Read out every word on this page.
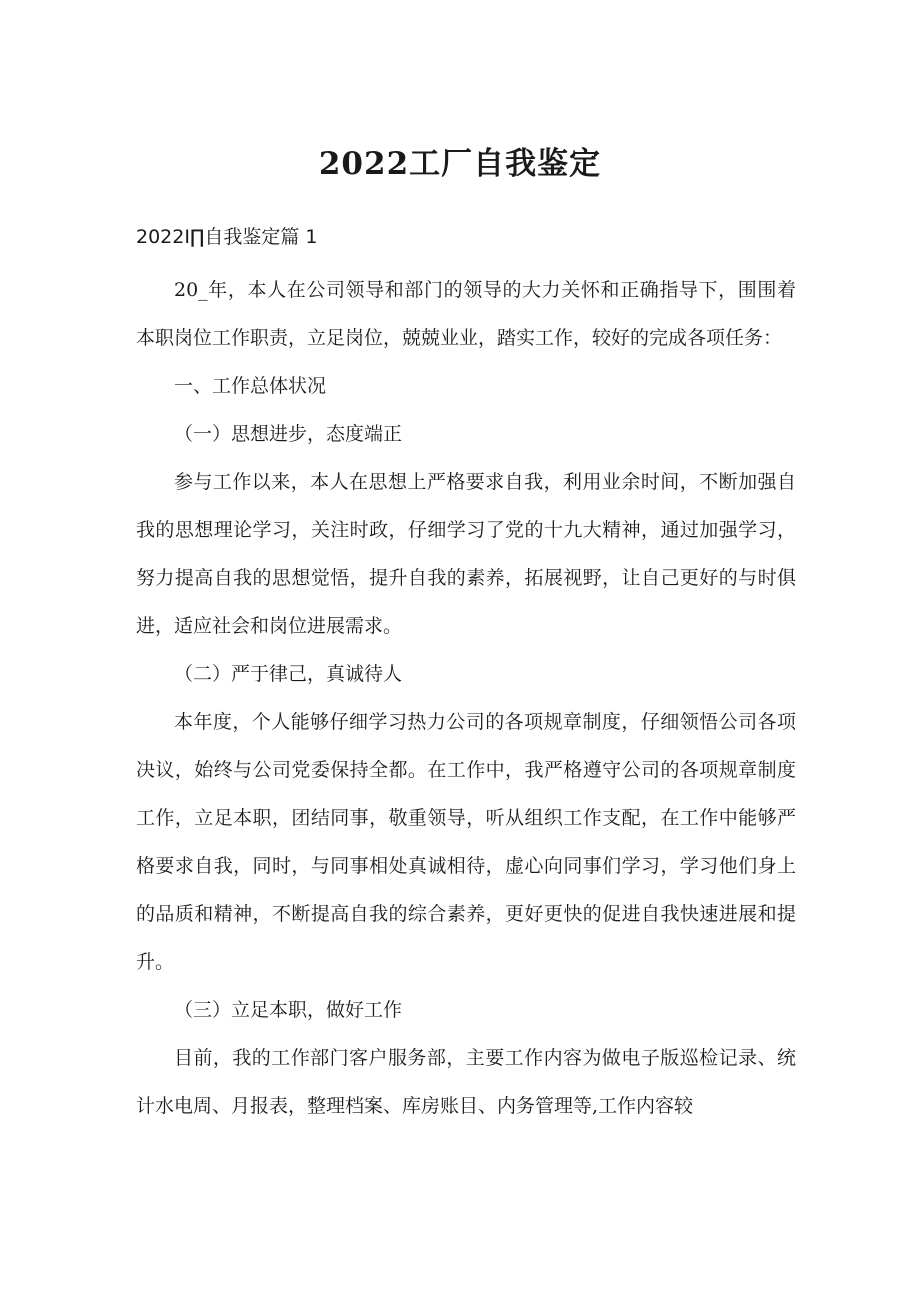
2022工厂自我鉴定
2022I∏自我鉴定篇 1

20_年，本人在公司领导和部门的领导的大力关怀和正确指导下，围围着本职岗位工作职责，立足岗位，兢兢业业，踏实工作，较好的完成各项任务：

一、工作总体状况

（一）思想进步，态度端正

参与工作以来，本人在思想上严格要求自我，利用业余时间，不断加强自我的思想理论学习，关注时政，仔细学习了党的十九大精神，通过加强学习，努力提高自我的思想觉悟，提升自我的素养，拓展视野，让自己更好的与时俱进，适应社会和岗位进展需求。

（二）严于律己，真诚待人

本年度，个人能够仔细学习热力公司的各项规章制度，仔细领悟公司各项决议，始终与公司党委保持全都。在工作中，我严格遵守公司的各项规章制度工作，立足本职，团结同事，敬重领导，听从组织工作支配，在工作中能够严格要求自我，同时，与同事相处真诚相待，虚心向同事们学习，学习他们身上的品质和精神，不断提高自我的综合素养，更好更快的促进自我快速进展和提升。

（三）立足本职，做好工作

目前，我的工作部门客户服务部，主要工作内容为做电子版巡检记录、统计水电周、月报表，整理档案、库房账目、内务管理等,工作内容较
